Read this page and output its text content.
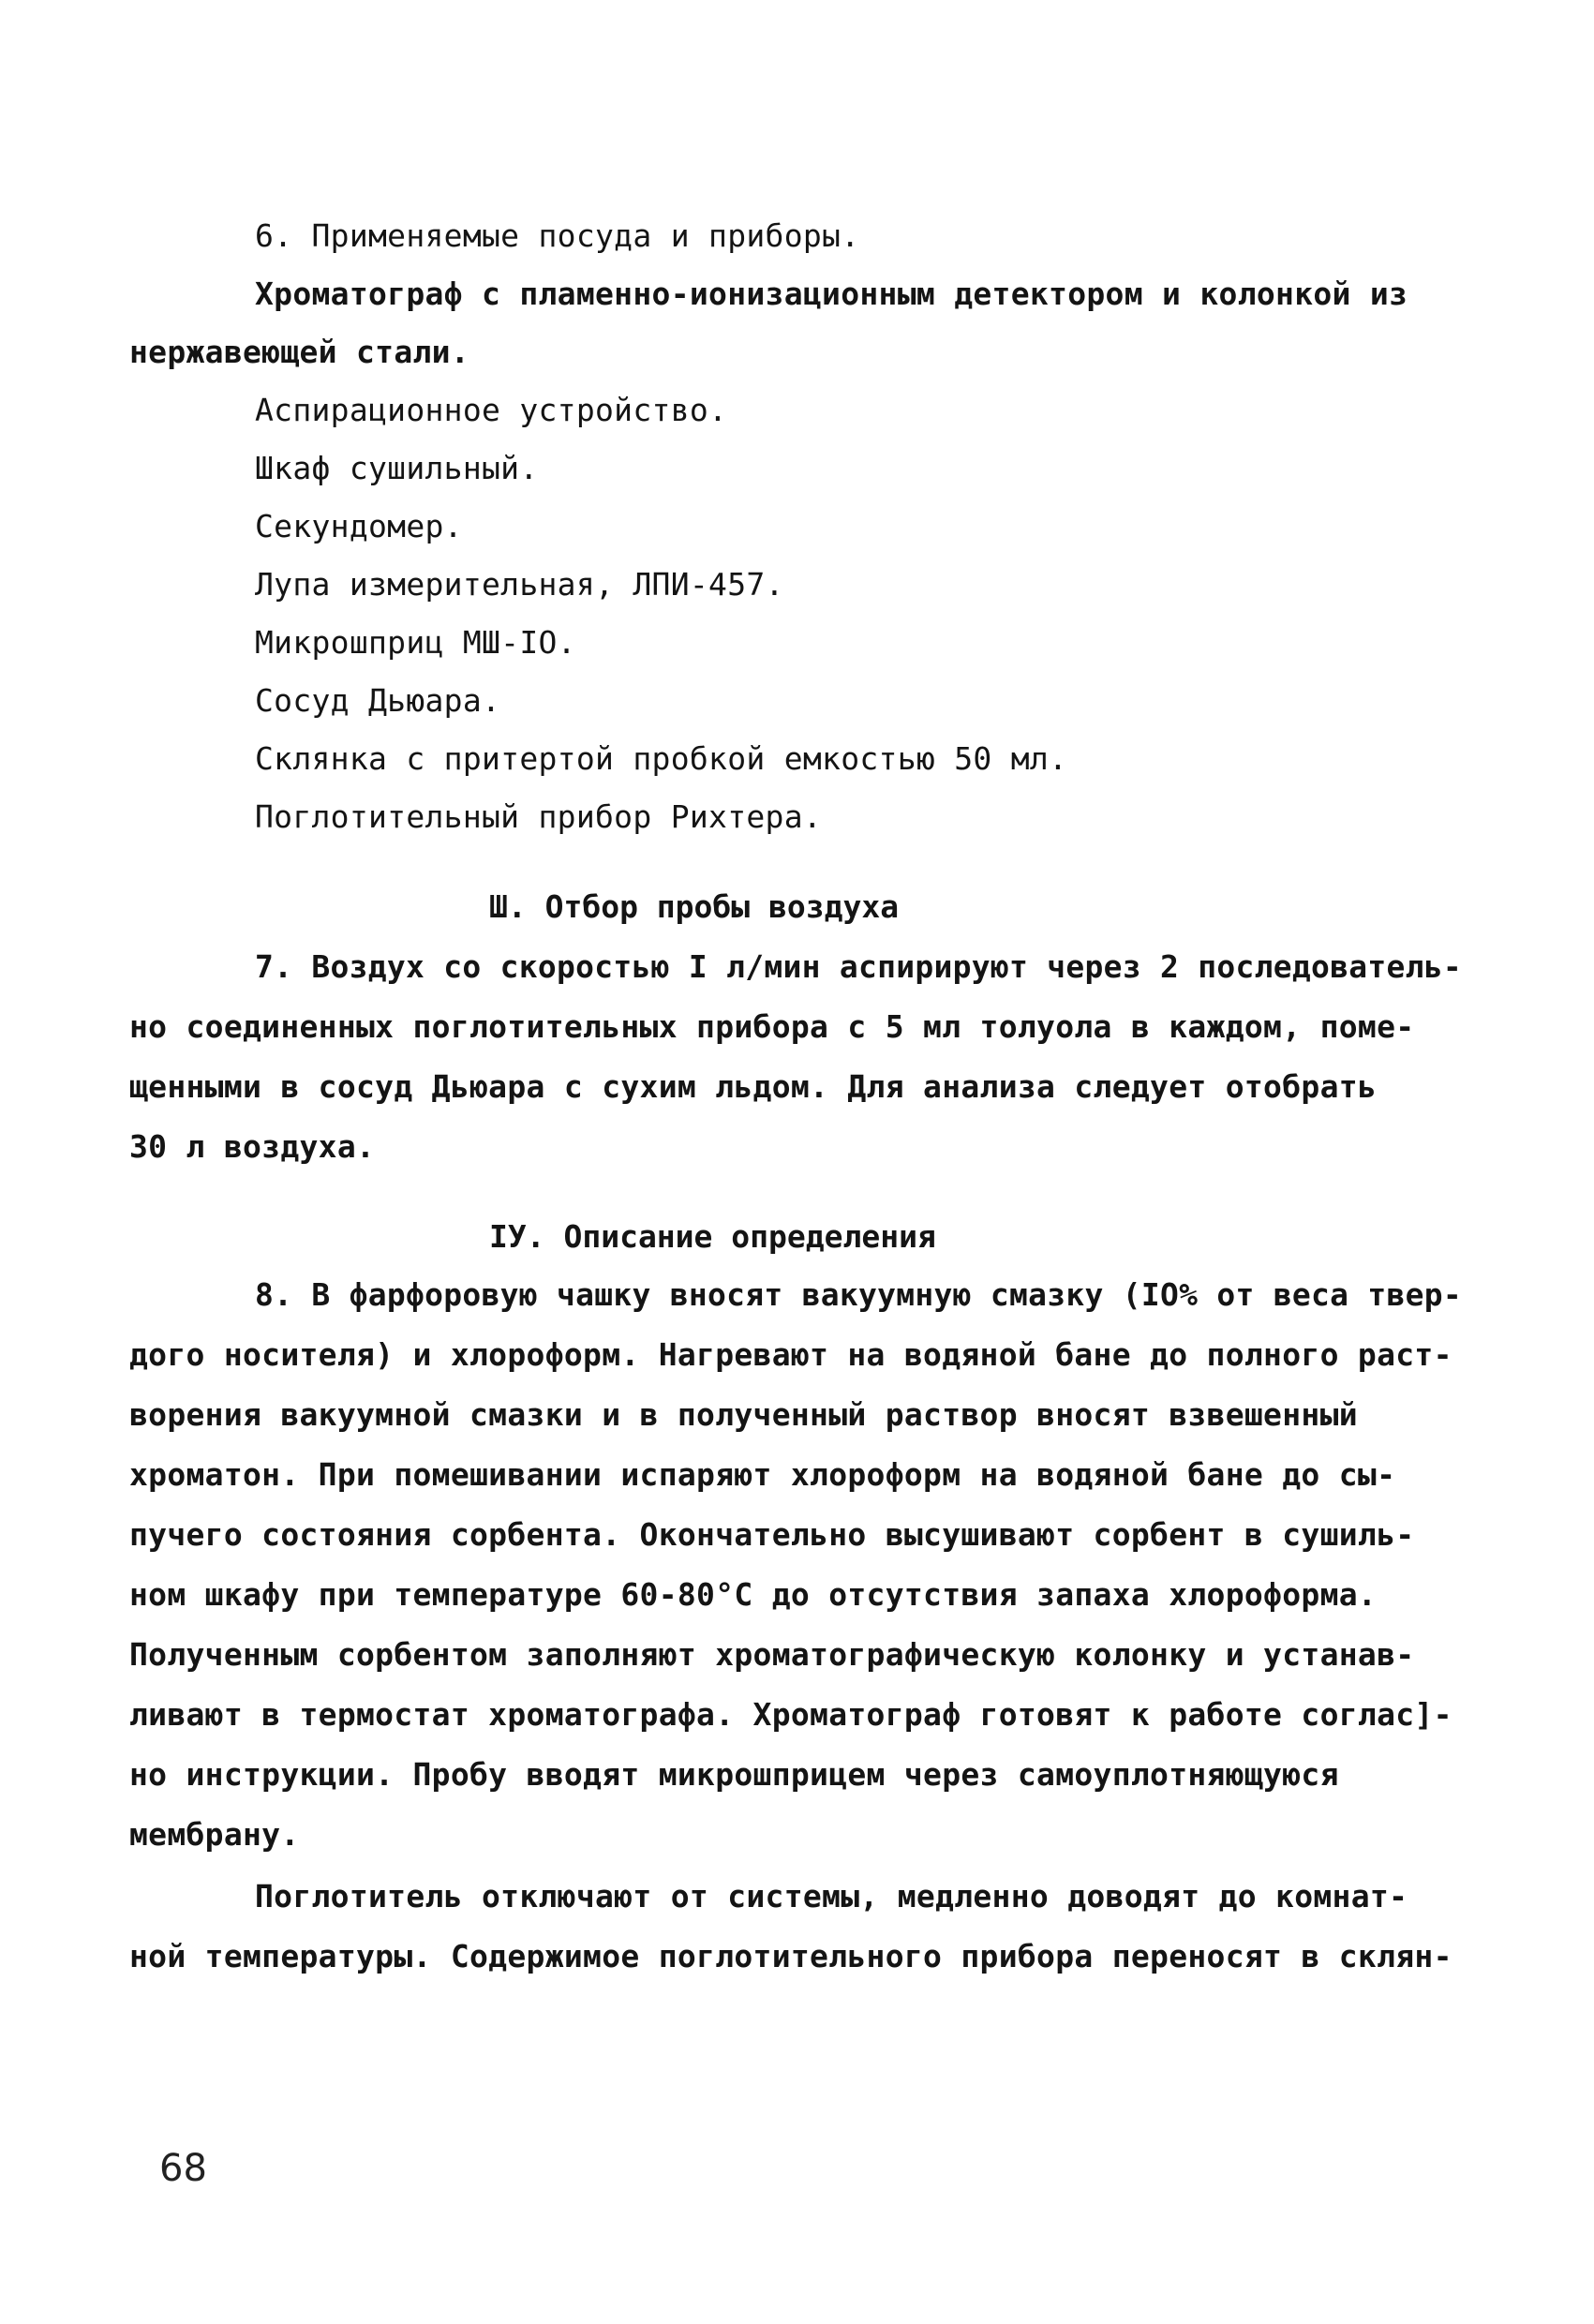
6. Применяемые посуда и приборы.
Хроматограф с пламенно-ионизационным детектором и колонкой из
нержавеющей стали.
Аспирационное устройство.
Шкаф сушильный.
Секундомер.
Лупа измерительная, ЛПИ-457.
Микрошприц МШ-IO.
Сосуд Дьюара.
Склянка с притертой пробкой емкостью 50 мл.
Поглотительный прибор Рихтера.
Ш. Отбор пробы воздуха
7. Воздух со скоростью I л/мин аспирируют через 2 последователь-
но соединенных поглотительных прибора с 5 мл толуола в каждом, поме-
щенными в сосуд Дьюара с сухим льдом. Для анализа следует отобрать
30 л воздуха.
IУ. Описание определения
8. В фарфоровую чашку вносят вакуумную смазку (IO% от веса твер-
дого носителя) и хлороформ. Нагревают на водяной бане до полного раст-
ворения вакуумной смазки и в полученный раствор вносят взвешенный
хроматон. При помешивании испаряют хлороформ на водяной бане до сы-
пучего состояния сорбента. Окончательно высушивают сорбент в сушиль-
ном шкафу при температуре 60-80°С до отсутствия запаха хлороформа.
Полученным сорбентом заполняют хроматографическую колонку и устанав-
ливают в термостат хроматографа. Хроматограф готовят к работе соглас]-
но инструкции. Пробу вводят микрошприцем через самоуплотняющуюся
мембрану.
Поглотитель отключают от системы, медленно доводят до комнат-
ной температуры. Содержимое поглотительного прибора переносят в склян-
68
